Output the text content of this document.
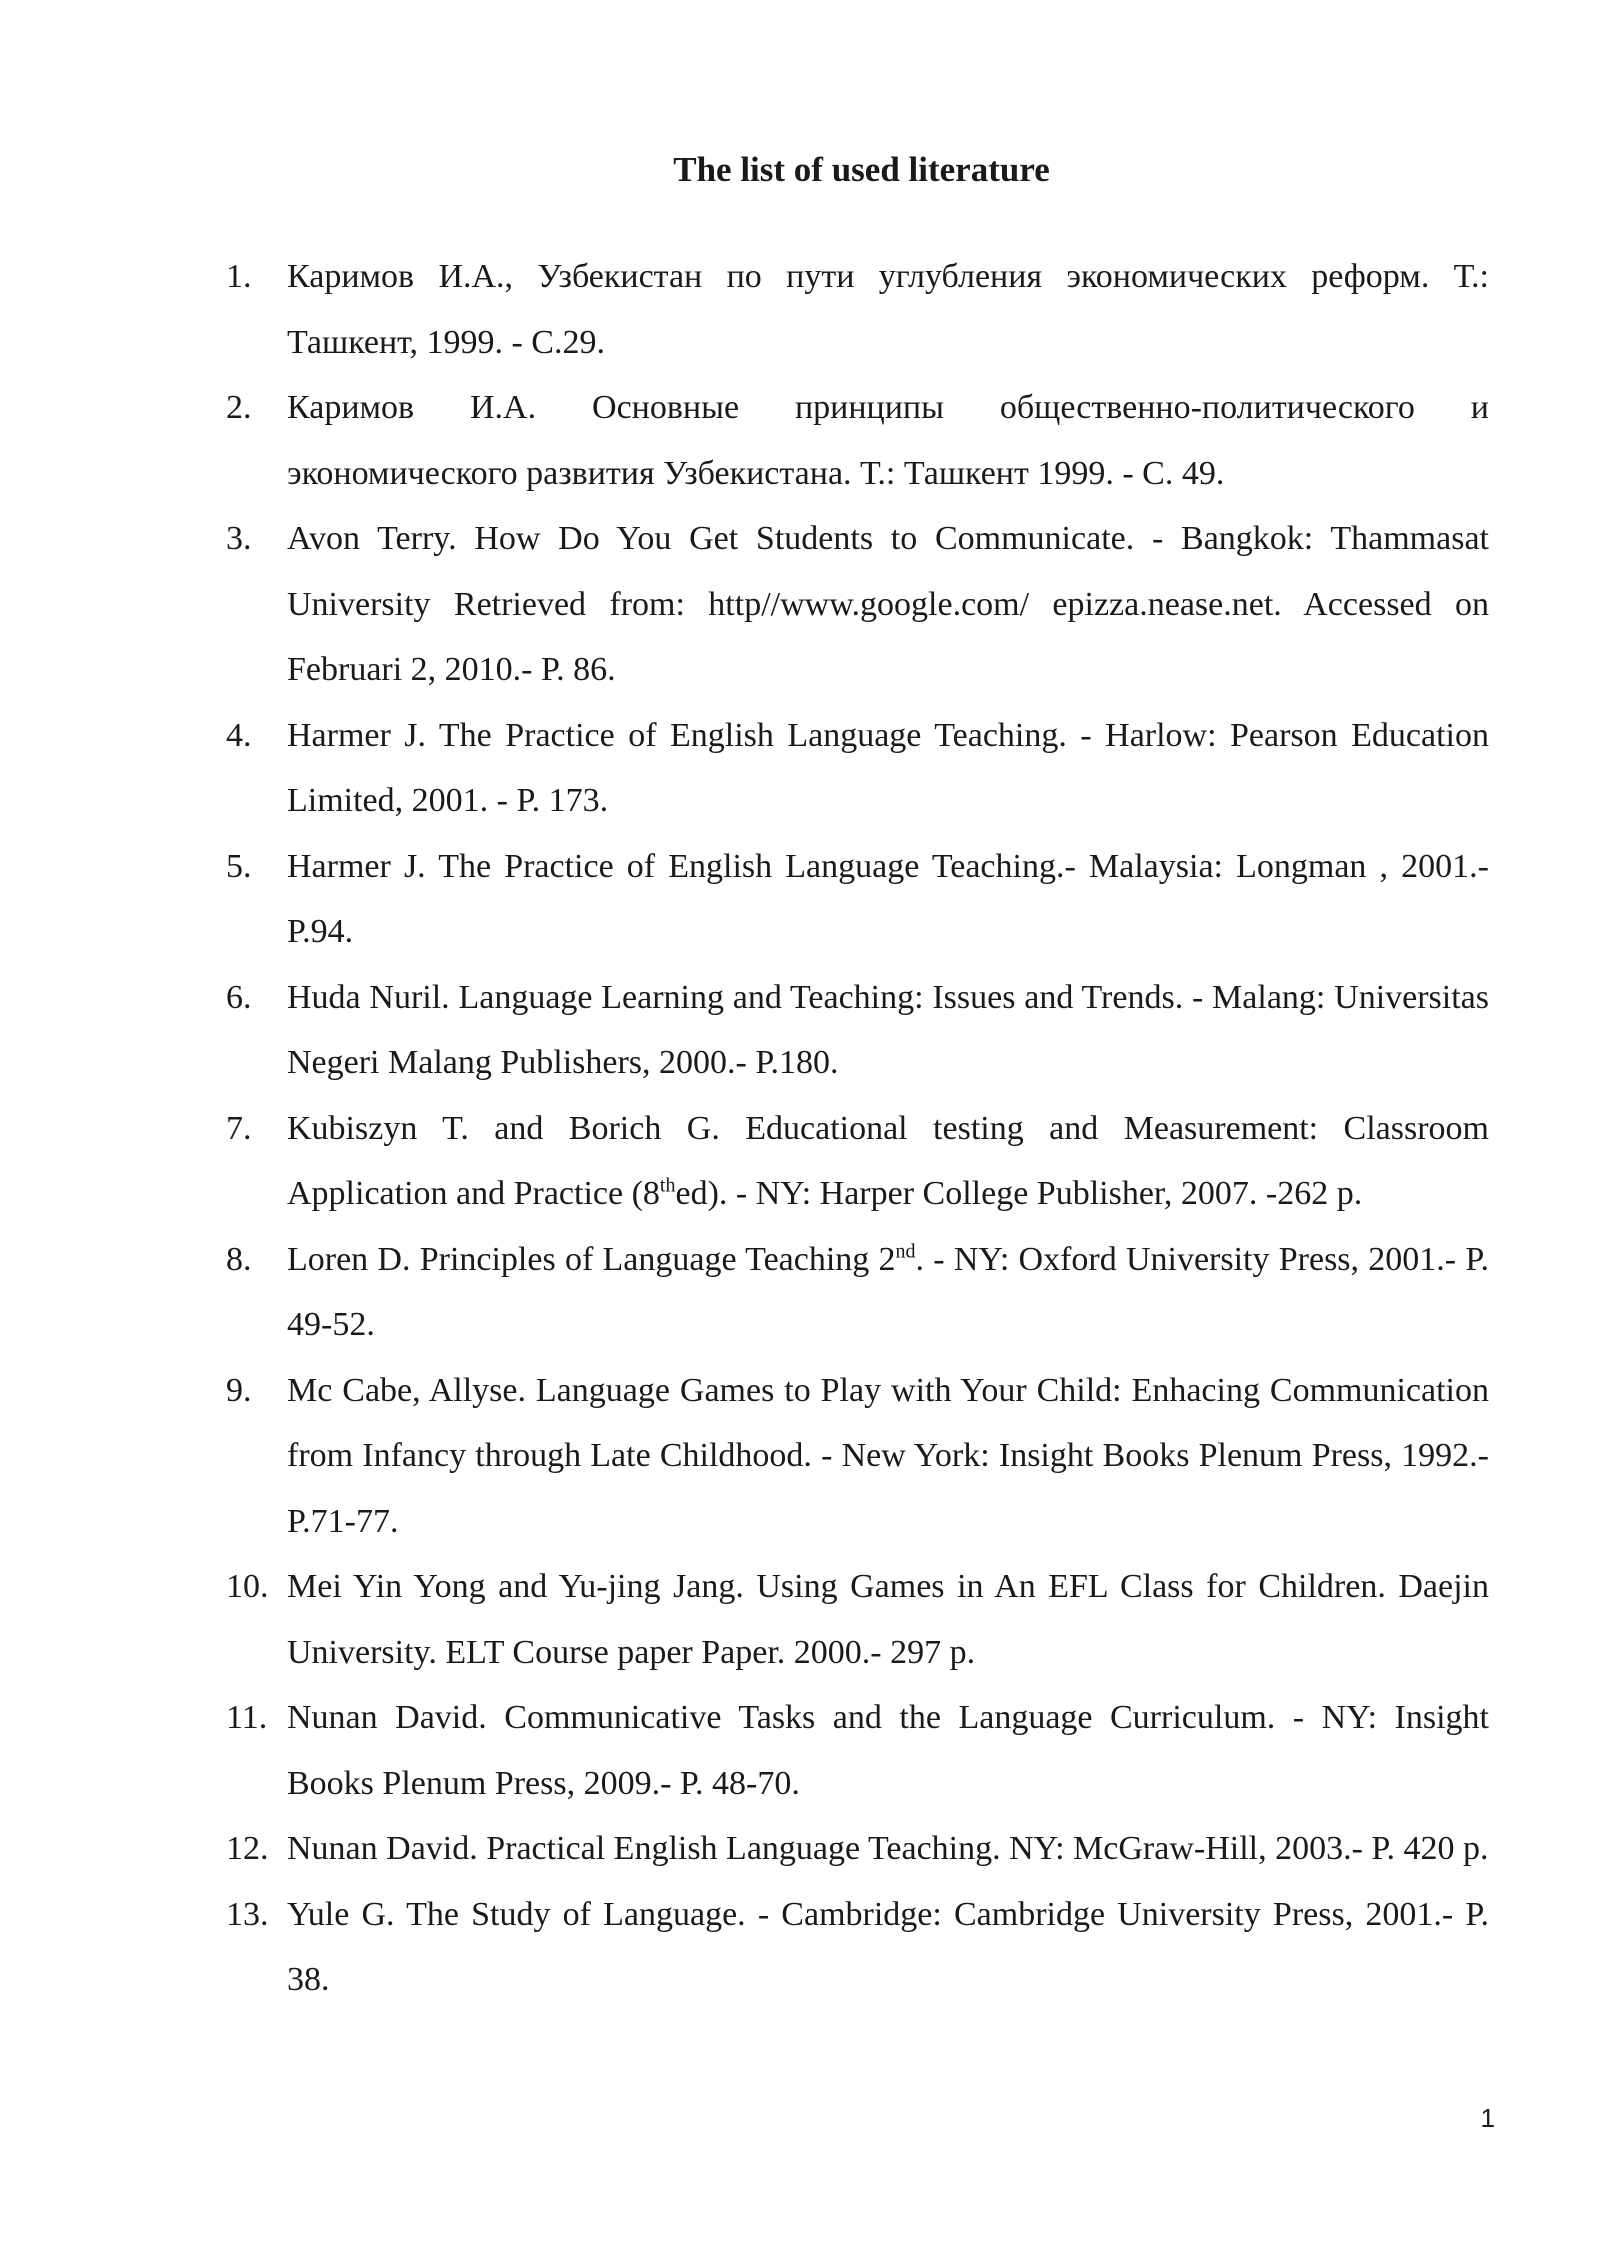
The list of used literature
1.	Каримов И.А., Узбекистан по пути углубления экономических реформ. Т.: Ташкент, 1999. - С.29.
2.	Каримов И.А. Основные принципы общественно-политического и экономического развития Узбекистана. Т.: Ташкент 1999. - С. 49.
3.	Avon Terry. How Do You Get Students to Communicate. - Bangkok: Thammasat University Retrieved from: http//www.google.com/ epizza.nease.net. Accessed on Februari 2, 2010.- P. 86.
4.	Harmer J. The Practice of English Language Teaching. - Harlow: Pearson Education Limited, 2001. - P. 173.
5.	Harmer J. The Practice of English Language Teaching.- Malaysia: Longman , 2001.- P.94.
6.	Huda Nuril. Language Learning and Teaching: Issues and Trends. - Malang: Universitas Negeri Malang Publishers, 2000.- P.180.
7.	Kubiszyn T. and Borich G. Educational testing and Measurement: Classroom Application and Practice (8thed). - NY: Harper College Publisher, 2007. -262 p.
8.	Loren D. Principles of Language Teaching 2nd. - NY: Oxford University Press, 2001.- P. 49-52.
9.	Mc Cabe, Allyse. Language Games to Play with Your Child: Enhacing Communication from Infancy through Late Childhood. - New York: Insight Books Plenum Press, 1992.- P.71-77.
10. Mei Yin Yong and Yu-jing Jang. Using Games in An EFL Class for Children. Daejin University. ELT Course paper Paper. 2000.- 297 p.
11. Nunan David. Communicative Tasks and the Language Curriculum. - NY: Insight Books Plenum Press, 2009.- P. 48-70.
12. Nunan David. Practical English Language Teaching. NY: McGraw-Hill, 2003.- P. 420 p.
13. Yule G. The Study of Language. - Cambridge: Cambridge University Press, 2001.- P. 38.
1
